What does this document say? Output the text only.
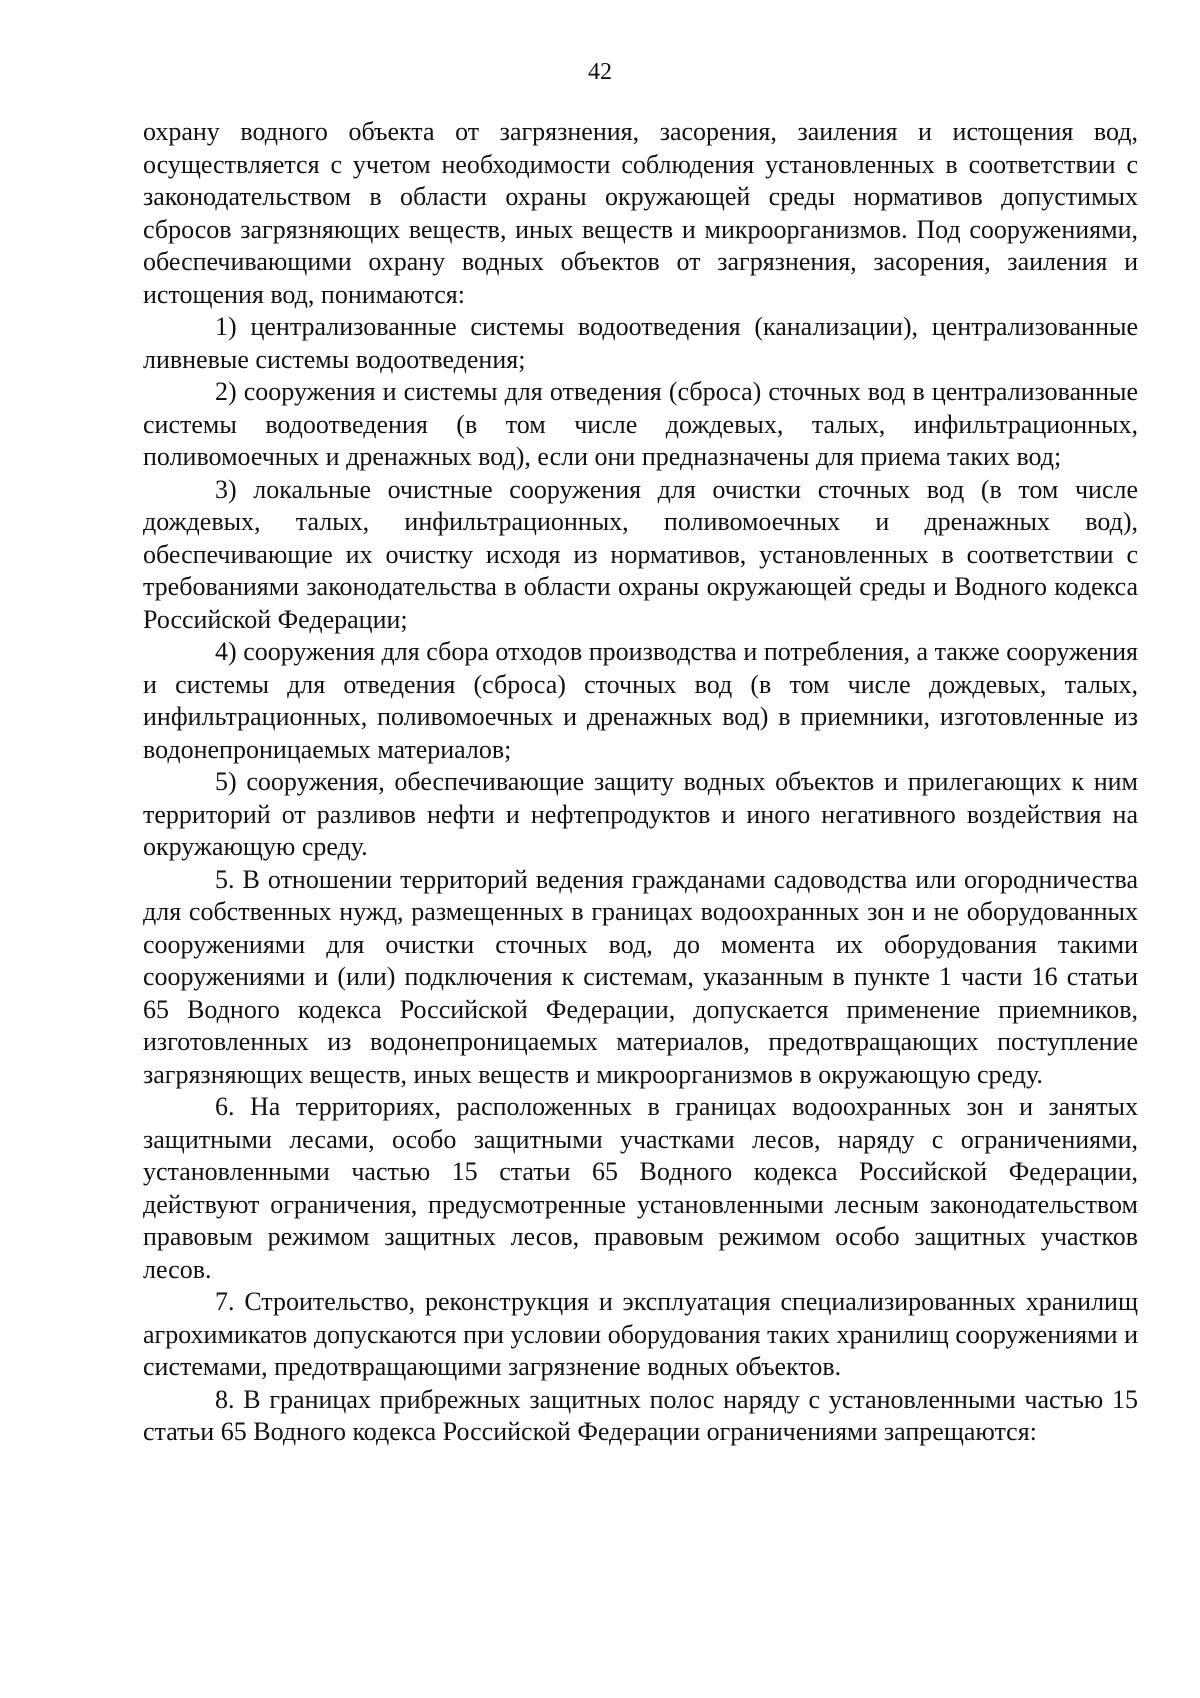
42

охрану водного объекта от загрязнения, засорения, заиления и истощения вод, осуществляется с учетом необходимости соблюдения установленных в соответствии с законодательством в области охраны окружающей среды нормативов допустимых сбросов загрязняющих веществ, иных веществ и микроорганизмов. Под сооружениями, обеспечивающими охрану водных объектов от загрязнения, засорения, заиления и истощения вод, понимаются:

1) централизованные системы водоотведения (канализации), централизованные ливневые системы водоотведения;

2) сооружения и системы для отведения (сброса) сточных вод в централизованные системы водоотведения (в том числе дождевых, талых, инфильтрационных, поливомоечных и дренажных вод), если они предназначены для приема таких вод;

3) локальные очистные сооружения для очистки сточных вод (в том числе дождевых, талых, инфильтрационных, поливомоечных и дренажных вод), обеспечивающие их очистку исходя из нормативов, установленных в соответствии с требованиями законодательства в области охраны окружающей среды и Водного кодекса Российской Федерации;

4) сооружения для сбора отходов производства и потребления, а также сооружения и системы для отведения (сброса) сточных вод (в том числе дождевых, талых, инфильтрационных, поливомоечных и дренажных вод) в приемники, изготовленные из водонепроницаемых материалов;

5) сооружения, обеспечивающие защиту водных объектов и прилегающих к ним территорий от разливов нефти и нефтепродуктов и иного негативного воздействия на окружающую среду.

5. В отношении территорий ведения гражданами садоводства или огородничества для собственных нужд, размещенных в границах водоохранных зон и не оборудованных сооружениями для очистки сточных вод, до момента их оборудования такими сооружениями и (или) подключения к системам, указанным в пункте 1 части 16 статьи 65 Водного кодекса Российской Федерации, допускается применение приемников, изготовленных из водонепроницаемых материалов, предотвращающих поступление загрязняющих веществ, иных веществ и микроорганизмов в окружающую среду.

6. На территориях, расположенных в границах водоохранных зон и занятых защитными лесами, особо защитными участками лесов, наряду с ограничениями, установленными частью 15 статьи 65 Водного кодекса Российской Федерации, действуют ограничения, предусмотренные установленными лесным законодательством правовым режимом защитных лесов, правовым режимом особо защитных участков лесов.

7. Строительство, реконструкция и эксплуатация специализированных хранилищ агрохимикатов допускаются при условии оборудования таких хранилищ сооружениями и системами, предотвращающими загрязнение водных объектов.

8. В границах прибрежных защитных полос наряду с установленными частью 15 статьи 65 Водного кодекса Российской Федерации ограничениями запрещаются:
